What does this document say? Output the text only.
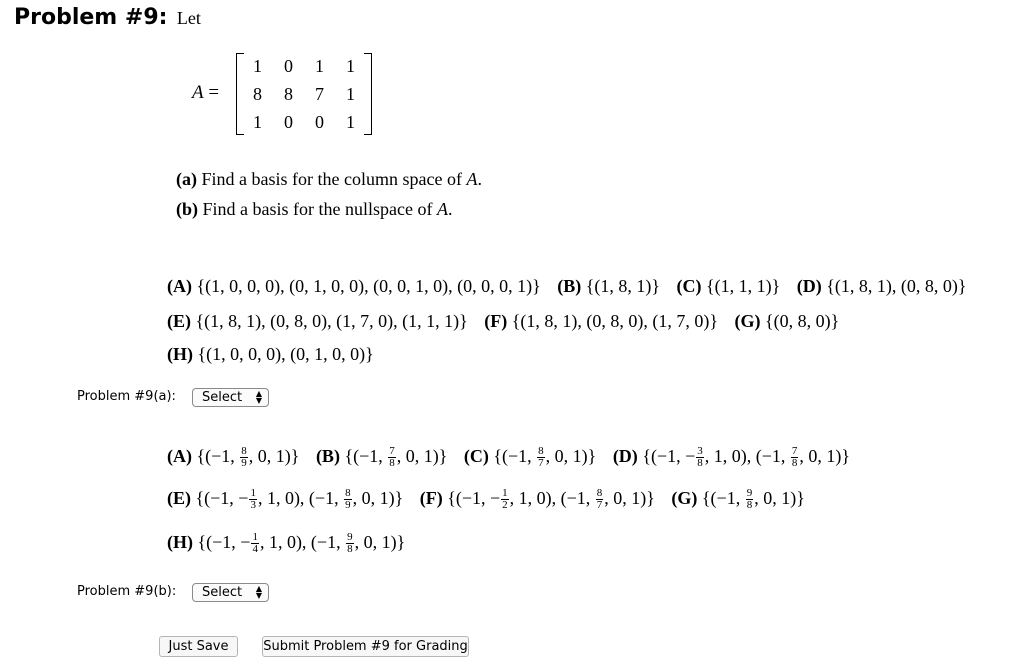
Problem #9: Let
A =
1	0	1	1
8	8	7	1
1	0	0	1
(a) Find a basis for the column space of A.
(b) Find a basis for the nullspace of A.
(A) {(1, 0, 0, 0), (0, 1, 0, 0), (0, 0, 1, 0), (0, 0, 0, 1)} (B) {(1, 8, 1)} (C) {(1, 1, 1)} (D) {(1, 8, 1), (0, 8, 0)}
(E) {(1, 8, 1), (0, 8, 0), (1, 7, 0), (1, 1, 1)} (F) {(1, 8, 1), (0, 8, 0), (1, 7, 0)} (G) {(0, 8, 0)}
(H) {(1, 0, 0, 0), (0, 1, 0, 0)}
Problem #9(a):	Select ▲
▼
(A) {(−1, $\frac{8}{9}$ , 0, 1)} (B) {(−1, $\frac{7}{8}$ , 0, 1)} (C) {(−1, $\frac{8}{7}$ , 0, 1)} (D) {(−1, − $\frac{3}{8}$ , 1, 0), (−1, $\frac{7}{8}$ , 0, 1)}
(E) {(−1, − $\frac{1}{3}$ , 1, 0), (−1, $\frac{8}{9}$ , 0, 1)} (F) {(−1, − $\frac{1}{2}$ , 1, 0), (−1, $\frac{8}{7}$ , 0, 1)} (G) {(−1, $\frac{9}{8}$ , 0, 1)}
(H) {(−1, − $\frac{1}{4}$ , 1, 0), (−1, $\frac{9}{8}$ , 0, 1)}
Problem #9(b):	Select ▲
▼
Just Save	Submit Problem #9 for Grading
